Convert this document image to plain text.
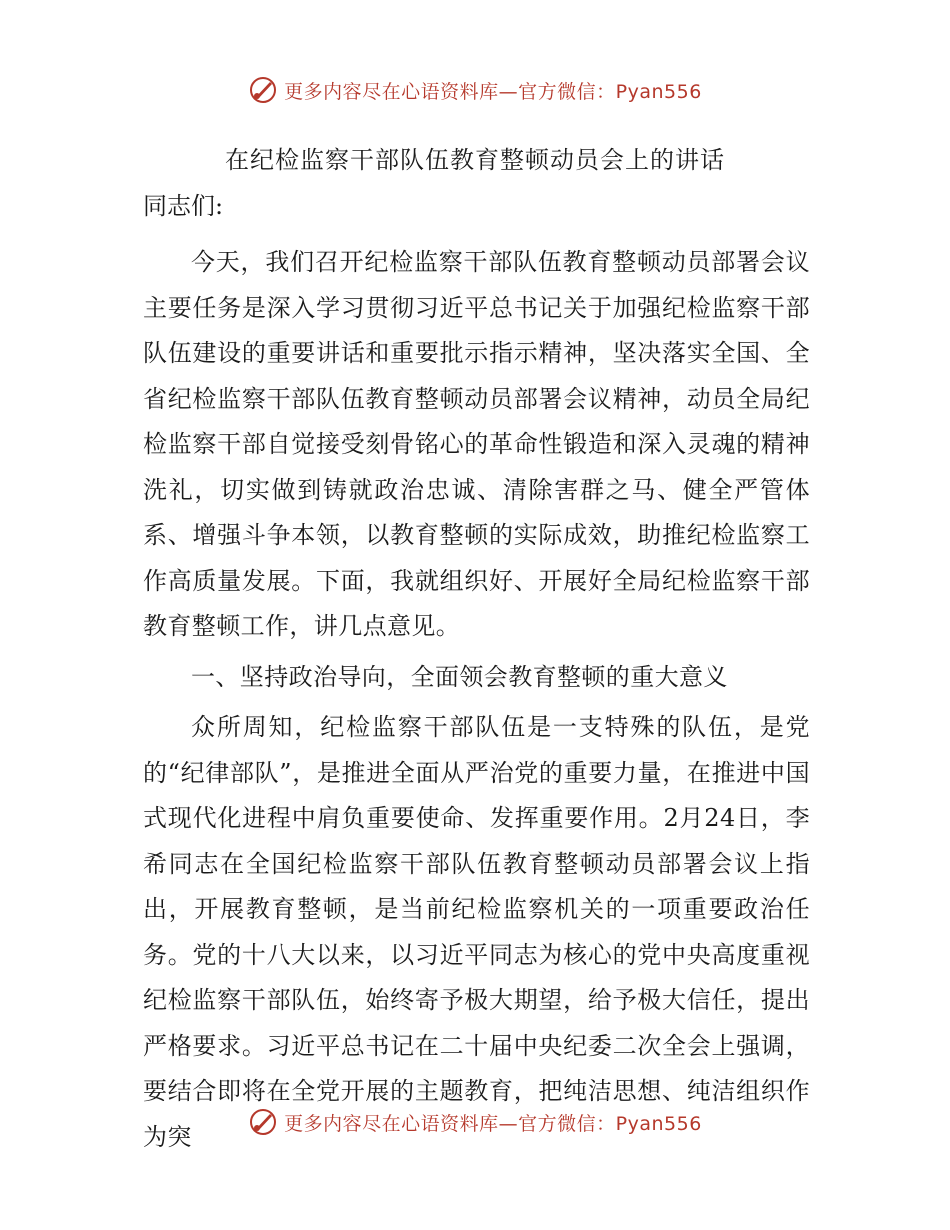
更多内容尽在心语资料库—官方微信：Pyan556
在纪检监察干部队伍教育整顿动员会上的讲话
同志们:

今天，我们召开纪检监察干部队伍教育整顿动员部署会议主要任务是深入学习贯彻习近平总书记关于加强纪检监察干部队伍建设的重要讲话和重要批示指示精神，坚决落实全国、全省纪检监察干部队伍教育整顿动员部署会议精神，动员全局纪检监察干部自觉接受刻骨铭心的革命性锻造和深入灵魂的精神洗礼，切实做到铸就政治忠诚、清除害群之马、健全严管体系、增强斗争本领，以教育整顿的实际成效，助推纪检监察工作高质量发展。下面，我就组织好、开展好全局纪检监察干部教育整顿工作，讲几点意见。

一、坚持政治导向，全面领会教育整顿的重大意义

众所周知，纪检监察干部队伍是一支特殊的队伍，是党的“纪律部队”，是推进全面从严治党的重要力量，在推进中国式现代化进程中肩负重要使命、发挥重要作用。2月24日，李希同志在全国纪检监察干部队伍教育整顿动员部署会议上指出，开展教育整顿，是当前纪检监察机关的一项重要政治任务。党的十八大以来，以习近平同志为核心的党中央高度重视纪检监察干部队伍，始终寄予极大期望，给予极大信任，提出严格要求。习近平总书记在二十届中央纪委二次全会上强调，要结合即将在全党开展的主题教育，把纯洁思想、纯洁组织作为突	更多内容尽在心语资料库—官方微信：Pyan556
